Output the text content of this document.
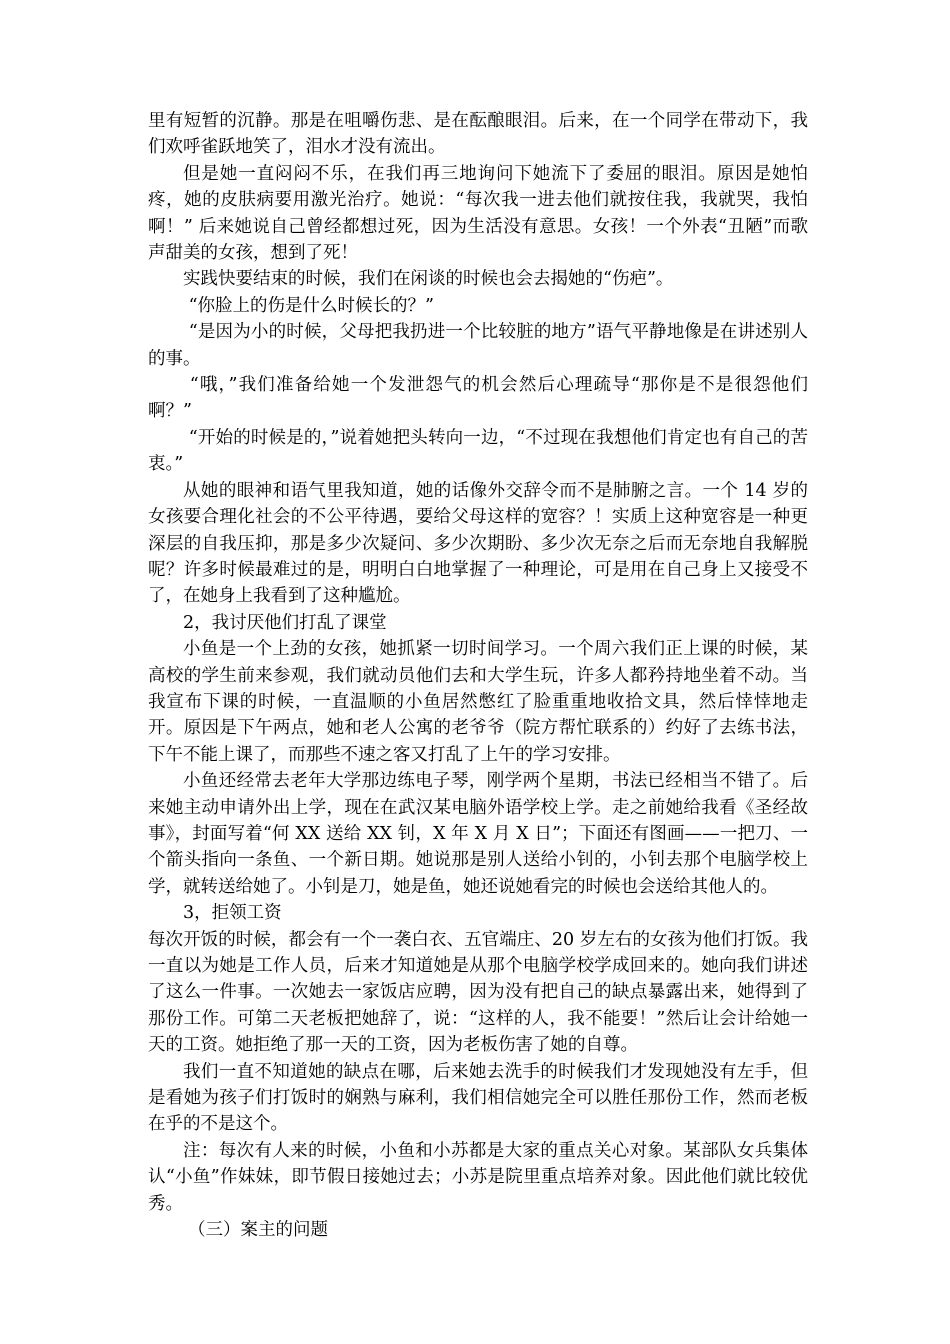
里有短暂的沉静。那是在咀嚼伤悲、是在酝酿眼泪。后来，在一个同学在带动下，我们欢呼雀跃地笑了，泪水才没有流出。

但是她一直闷闷不乐，在我们再三地询问下她流下了委屈的眼泪。原因是她怕疼，她的皮肤病要用激光治疗。她说：“每次我一进去他们就按住我，我就哭，我怕啊！” 后来她说自己曾经都想过死，因为生活没有意思。女孩！一个外表“丑陋”而歌声甜美的女孩，想到了死！

实践快要结束的时候，我们在闲谈的时候也会去揭她的“伤疤”。

“你脸上的伤是什么时候长的？”

“是因为小的时候，父母把我扔进一个比较脏的地方”语气平静地像是在讲述别人的事。

“哦，”我们准备给她一个发泄怨气的机会然后心理疏导“那你是不是很怨他们啊？”

“开始的时候是的，”说着她把头转向一边，“不过现在我想他们肯定也有自己的苦衷。”

从她的眼神和语气里我知道，她的话像外交辞令而不是肺腑之言。一个 14 岁的女孩要合理化社会的不公平待遇，要给父母这样的宽容？！实质上这种宽容是一种更深层的自我压抑，那是多少次疑问、多少次期盼、多少次无奈之后而无奈地自我解脱呢？许多时候最难过的是，明明白白地掌握了一种理论，可是用在自己身上又接受不了，在她身上我看到了这种尴尬。

2，我讨厌他们打乱了课堂

小鱼是一个上劲的女孩，她抓紧一切时间学习。一个周六我们正上课的时候，某高校的学生前来参观，我们就动员他们去和大学生玩，许多人都矜持地坐着不动。当我宣布下课的时候，一直温顺的小鱼居然憋红了脸重重地收拾文具，然后悻悻地走开。原因是下午两点，她和老人公寓的老爷爷（院方帮忙联系的）约好了去练书法，下午不能上课了，而那些不速之客又打乱了上午的学习安排。

小鱼还经常去老年大学那边练电子琴，刚学两个星期，书法已经相当不错了。后来她主动申请外出上学，现在在武汉某电脑外语学校上学。走之前她给我看《圣经故事》，封面写着“何 XX 送给 XX 钊，X 年 X 月 X 日”；下面还有图画——一把刀、一个箭头指向一条鱼、一个新日期。她说那是别人送给小钊的，小钊去那个电脑学校上学，就转送给她了。小钊是刀，她是鱼，她还说她看完的时候也会送给其他人的。

3，拒领工资

每次开饭的时候，都会有一个一袭白衣、五官端庄、20 岁左右的女孩为他们打饭。我一直以为她是工作人员，后来才知道她是从那个电脑学校学成回来的。她向我们讲述了这么一件事。一次她去一家饭店应聘，因为没有把自己的缺点暴露出来，她得到了那份工作。可第二天老板把她辞了，说：“这样的人，我不能要！”然后让会计给她一天的工资。她拒绝了那一天的工资，因为老板伤害了她的自尊。

我们一直不知道她的缺点在哪，后来她去洗手的时候我们才发现她没有左手，但是看她为孩子们打饭时的娴熟与麻利，我们相信她完全可以胜任那份工作，然而老板在乎的不是这个。

注：每次有人来的时候，小鱼和小苏都是大家的重点关心对象。某部队女兵集体认“小鱼”作妹妹，即节假日接她过去；小苏是院里重点培养对象。因此他们就比较优秀。

（三）案主的问题
